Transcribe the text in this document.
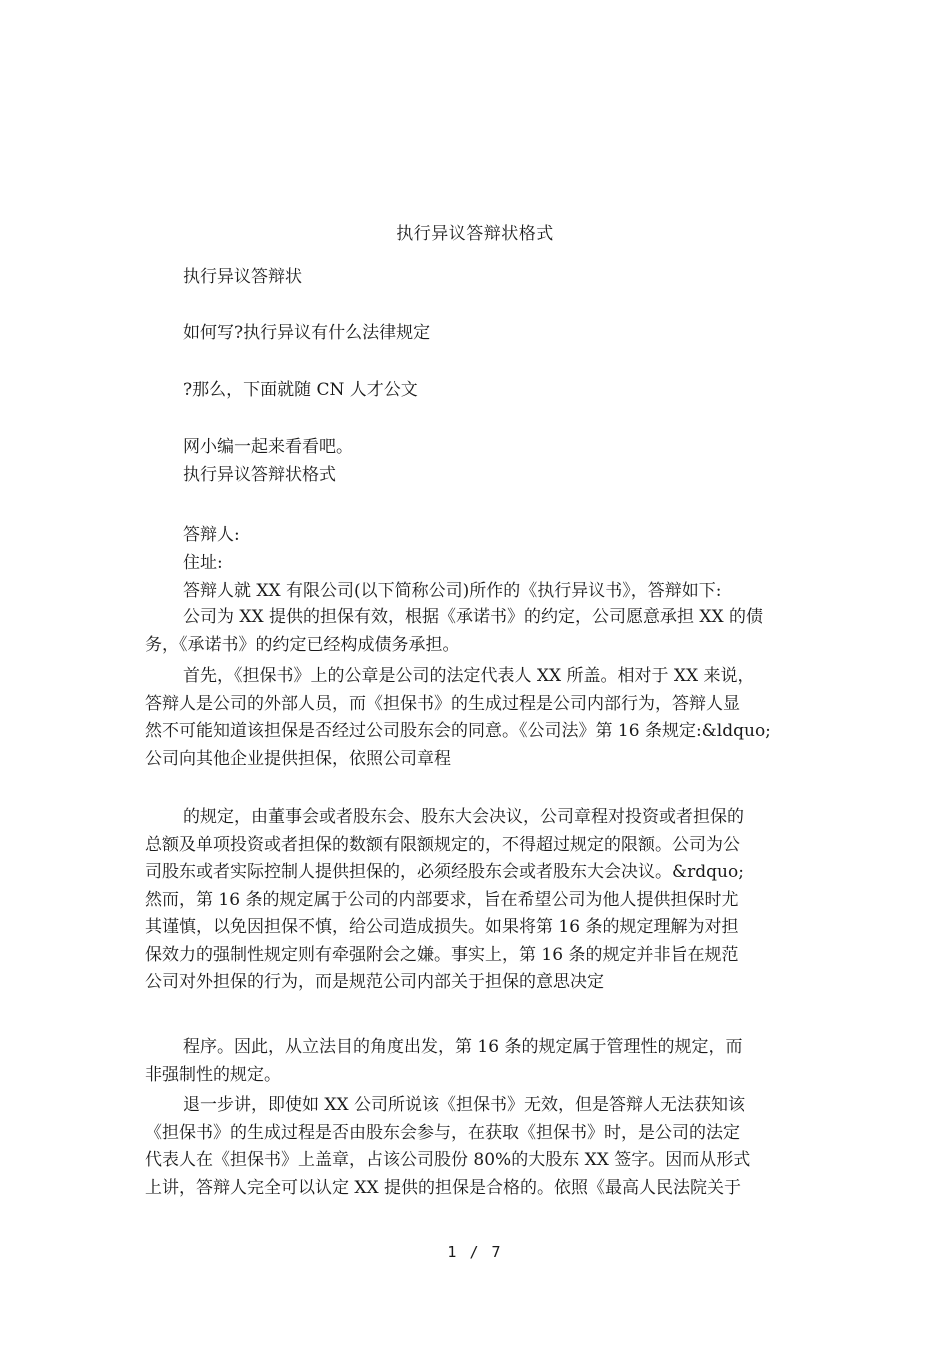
执行异议答辩状格式
执行异议答辩状
如何写?执行异议有什么法律规定
?那么，下面就随 CN 人才公文
网小编一起来看看吧。
执行异议答辩状格式
答辩人:
住址:
答辩人就 XX 有限公司(以下简称公司)所作的《执行异议书》，答辩如下:
公司为 XX 提供的担保有效，根据《承诺书》的约定，公司愿意承担 XX 的债
务，《承诺书》的约定已经构成债务承担。
首先，《担保书》上的公章是公司的法定代表人 XX 所盖。相对于 XX 来说，
答辩人是公司的外部人员，而《担保书》的生成过程是公司内部行为，答辩人显
然不可能知道该担保是否经过公司股东会的同意。《公司法》第 16 条规定:&ldquo;
公司向其他企业提供担保，依照公司章程
的规定，由董事会或者股东会、股东大会决议，公司章程对投资或者担保的
总额及单项投资或者担保的数额有限额规定的，不得超过规定的限额。公司为公
司股东或者实际控制人提供担保的，必须经股东会或者股东大会决议。&rdquo;
然而，第 16 条的规定属于公司的内部要求，旨在希望公司为他人提供担保时尤
其谨慎，以免因担保不慎，给公司造成损失。如果将第 16 条的规定理解为对担
保效力的强制性规定则有牵强附会之嫌。事实上，第 16 条的规定并非旨在规范
公司对外担保的行为，而是规范公司内部关于担保的意思决定
程序。因此，从立法目的角度出发，第 16 条的规定属于管理性的规定，而
非强制性的规定。
退一步讲，即使如 XX 公司所说该《担保书》无效，但是答辩人无法获知该
《担保书》的生成过程是否由股东会参与，在获取《担保书》时，是公司的法定
代表人在《担保书》上盖章，占该公司股份 80%的大股东 XX 签字。因而从形式
上讲，答辩人完全可以认定 XX 提供的担保是合格的。依照《最高人民法院关于
1 / 7
